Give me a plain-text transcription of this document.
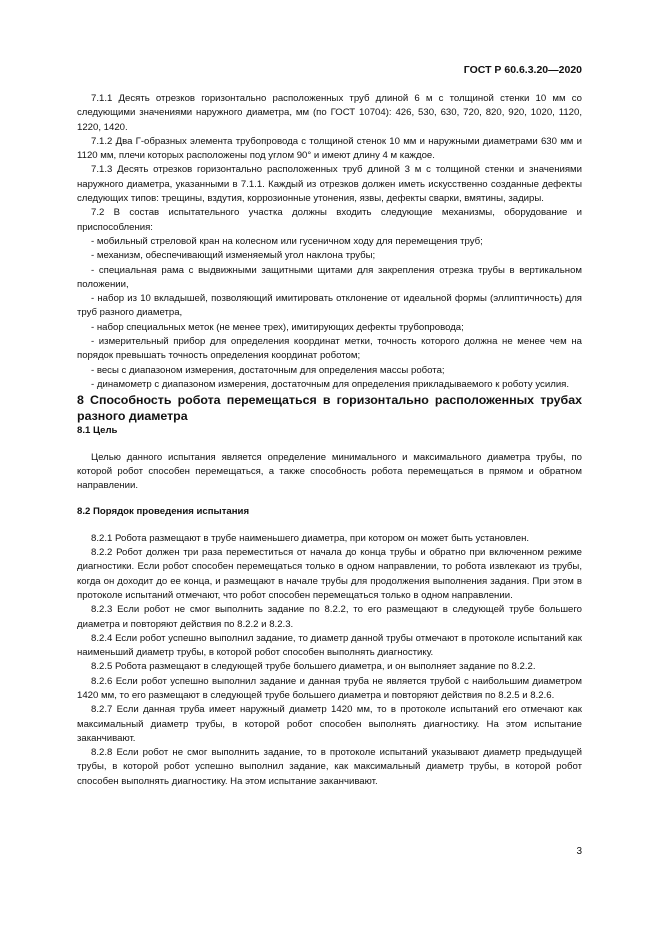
ГОСТ Р 60.6.3.20—2020

7.1.1 Десять отрезков горизонтально расположенных труб длиной 6 м с толщиной стенки 10 мм со следующими значениями наружного диаметра, мм (по ГОСТ 10704): 426, 530, 630, 720, 820, 920, 1020, 1120, 1220, 1420.

7.1.2 Два Г-образных элемента трубопровода с толщиной стенок 10 мм и наружными диаметрами 630 мм и 1120 мм, плечи которых расположены под углом 90° и имеют длину 4 м каждое.

7.1.3 Десять отрезков горизонтально расположенных труб длиной 3 м с толщиной стенки и значениями наружного диаметра, указанными в 7.1.1. Каждый из отрезков должен иметь искусственно созданные дефекты следующих типов: трещины, вздутия, коррозионные утонения, язвы, дефекты сварки, вмятины, задиры.

7.2 В состав испытательного участка должны входить следующие механизмы, оборудование и приспособления:

- мобильный стреловой кран на колесном или гусеничном ходу для перемещения труб;

- механизм, обеспечивающий изменяемый угол наклона трубы;

- специальная рама с выдвижными защитными щитами для закрепления отрезка трубы в вертикальном положении,

- набор из 10 вкладышей, позволяющий имитировать отклонение от идеальной формы (эллиптичность) для труб разного диаметра,

- набор специальных меток (не менее трех), имитирующих дефекты трубопровода;

- измерительный прибор для определения координат метки, точность которого должна не менее чем на порядок превышать точность определения координат роботом;

- весы с диапазоном измерения, достаточным для определения массы робота;

- динамометр с диапазоном измерения, достаточным для определения прикладываемого к роботу усилия.

8 Способность робота перемещаться в горизонтально расположенных трубах разного диаметра

8.1 Цель

Целью данного испытания является определение минимального и максимального диаметра трубы, по которой робот способен перемещаться, а также способность робота перемещаться в прямом и обратном направлении.

8.2 Порядок проведения испытания

8.2.1 Робота размещают в трубе наименьшего диаметра, при котором он может быть установлен.

8.2.2 Робот должен три раза переместиться от начала до конца трубы и обратно при включенном режиме диагностики. Если робот способен перемещаться только в одном направлении, то робота извлекают из трубы, когда он доходит до ее конца, и размещают в начале трубы для продолжения выполнения задания. При этом в протоколе испытаний отмечают, что робот способен перемещаться только в одном направлении.

8.2.3 Если робот не смог выполнить задание по 8.2.2, то его размещают в следующей трубе большего диаметра и повторяют действия по 8.2.2 и 8.2.3.

8.2.4 Если робот успешно выполнил задание, то диаметр данной трубы отмечают в протоколе испытаний как наименьший диаметр трубы, в которой робот способен выполнять диагностику.

8.2.5 Робота размещают в следующей трубе большего диаметра, и он выполняет задание по 8.2.2.

8.2.6 Если робот успешно выполнил задание и данная труба не является трубой с наибольшим диаметром 1420 мм, то его размещают в следующей трубе большего диаметра и повторяют действия по 8.2.5 и 8.2.6.

8.2.7 Если данная труба имеет наружный диаметр 1420 мм, то в протоколе испытаний его отмечают как максимальный диаметр трубы, в которой робот способен выполнять диагностику. На этом испытание заканчивают.

8.2.8 Если робот не смог выполнить задание, то в протоколе испытаний указывают диаметр предыдущей трубы, в которой робот успешно выполнил задание, как максимальный диаметр трубы, в которой робот способен выполнять диагностику. На этом испытание заканчивают.

3
